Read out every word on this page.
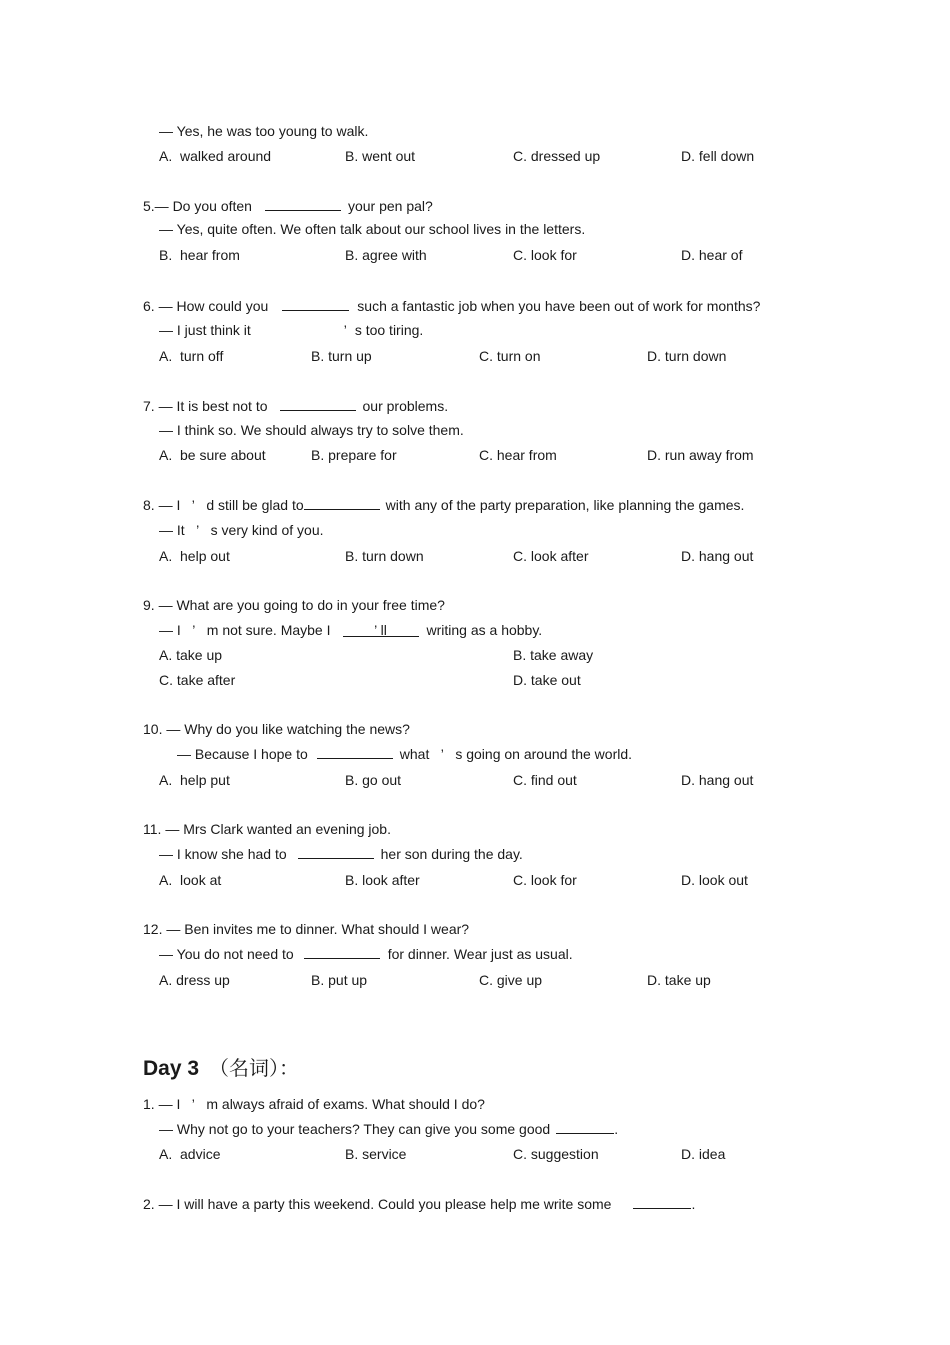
— Yes, he was too young to walk.
A.  walked around	B. went out	C. dressed up	D. fell down
5.— Do you often	your pen pal?
— Yes, quite often. We often talk about our school lives in the letters.
B.  hear from	B. agree with	C. look for	D. hear of
6. — How could you	such a fantastic job when you have been out of work for months?
— I just think it	’ s too tiring.
A.  turn off	B. turn up	C. turn on	D. turn down
7. — It is best not to	our problems.
— I think so. We should always try to solve them.
A.  be sure about	B. prepare for	C. hear from	D. run away from
8. — I ’ d still be glad to	with any of the party preparation, like planning the games.
— It ’ s very kind of you.
A.  help out	B. turn down	C. look after	D. hang out
9. — What are you going to do in your free time?
— I ’ m not sure. Maybe I	’ ll	writing as a hobby.
A. take up	B. take away
C. take after	D. take out
10. — Why do you like watching the news?
— Because I hope to	what ’ s going on around the world.
A.  help put	B. go out	C. find out	D. hang out
11. — Mrs Clark wanted an evening job.
— I know she had to	her son during the day.
A.  look at	B. look after	C. look for	D. look out
12. — Ben invites me to dinner. What should I wear?
— You do not need to	for dinner. Wear just as usual.
A. dress up	B. put up	C. give up	D. take up
Day 3 （名词）：
1. — I ’ m always afraid of exams. What should I do?
— Why not go to your teachers? They can give you some good	.
A.  advice	B. service	C. suggestion	D. idea
2. — I will have a party this weekend. Could you please help me write some	.
